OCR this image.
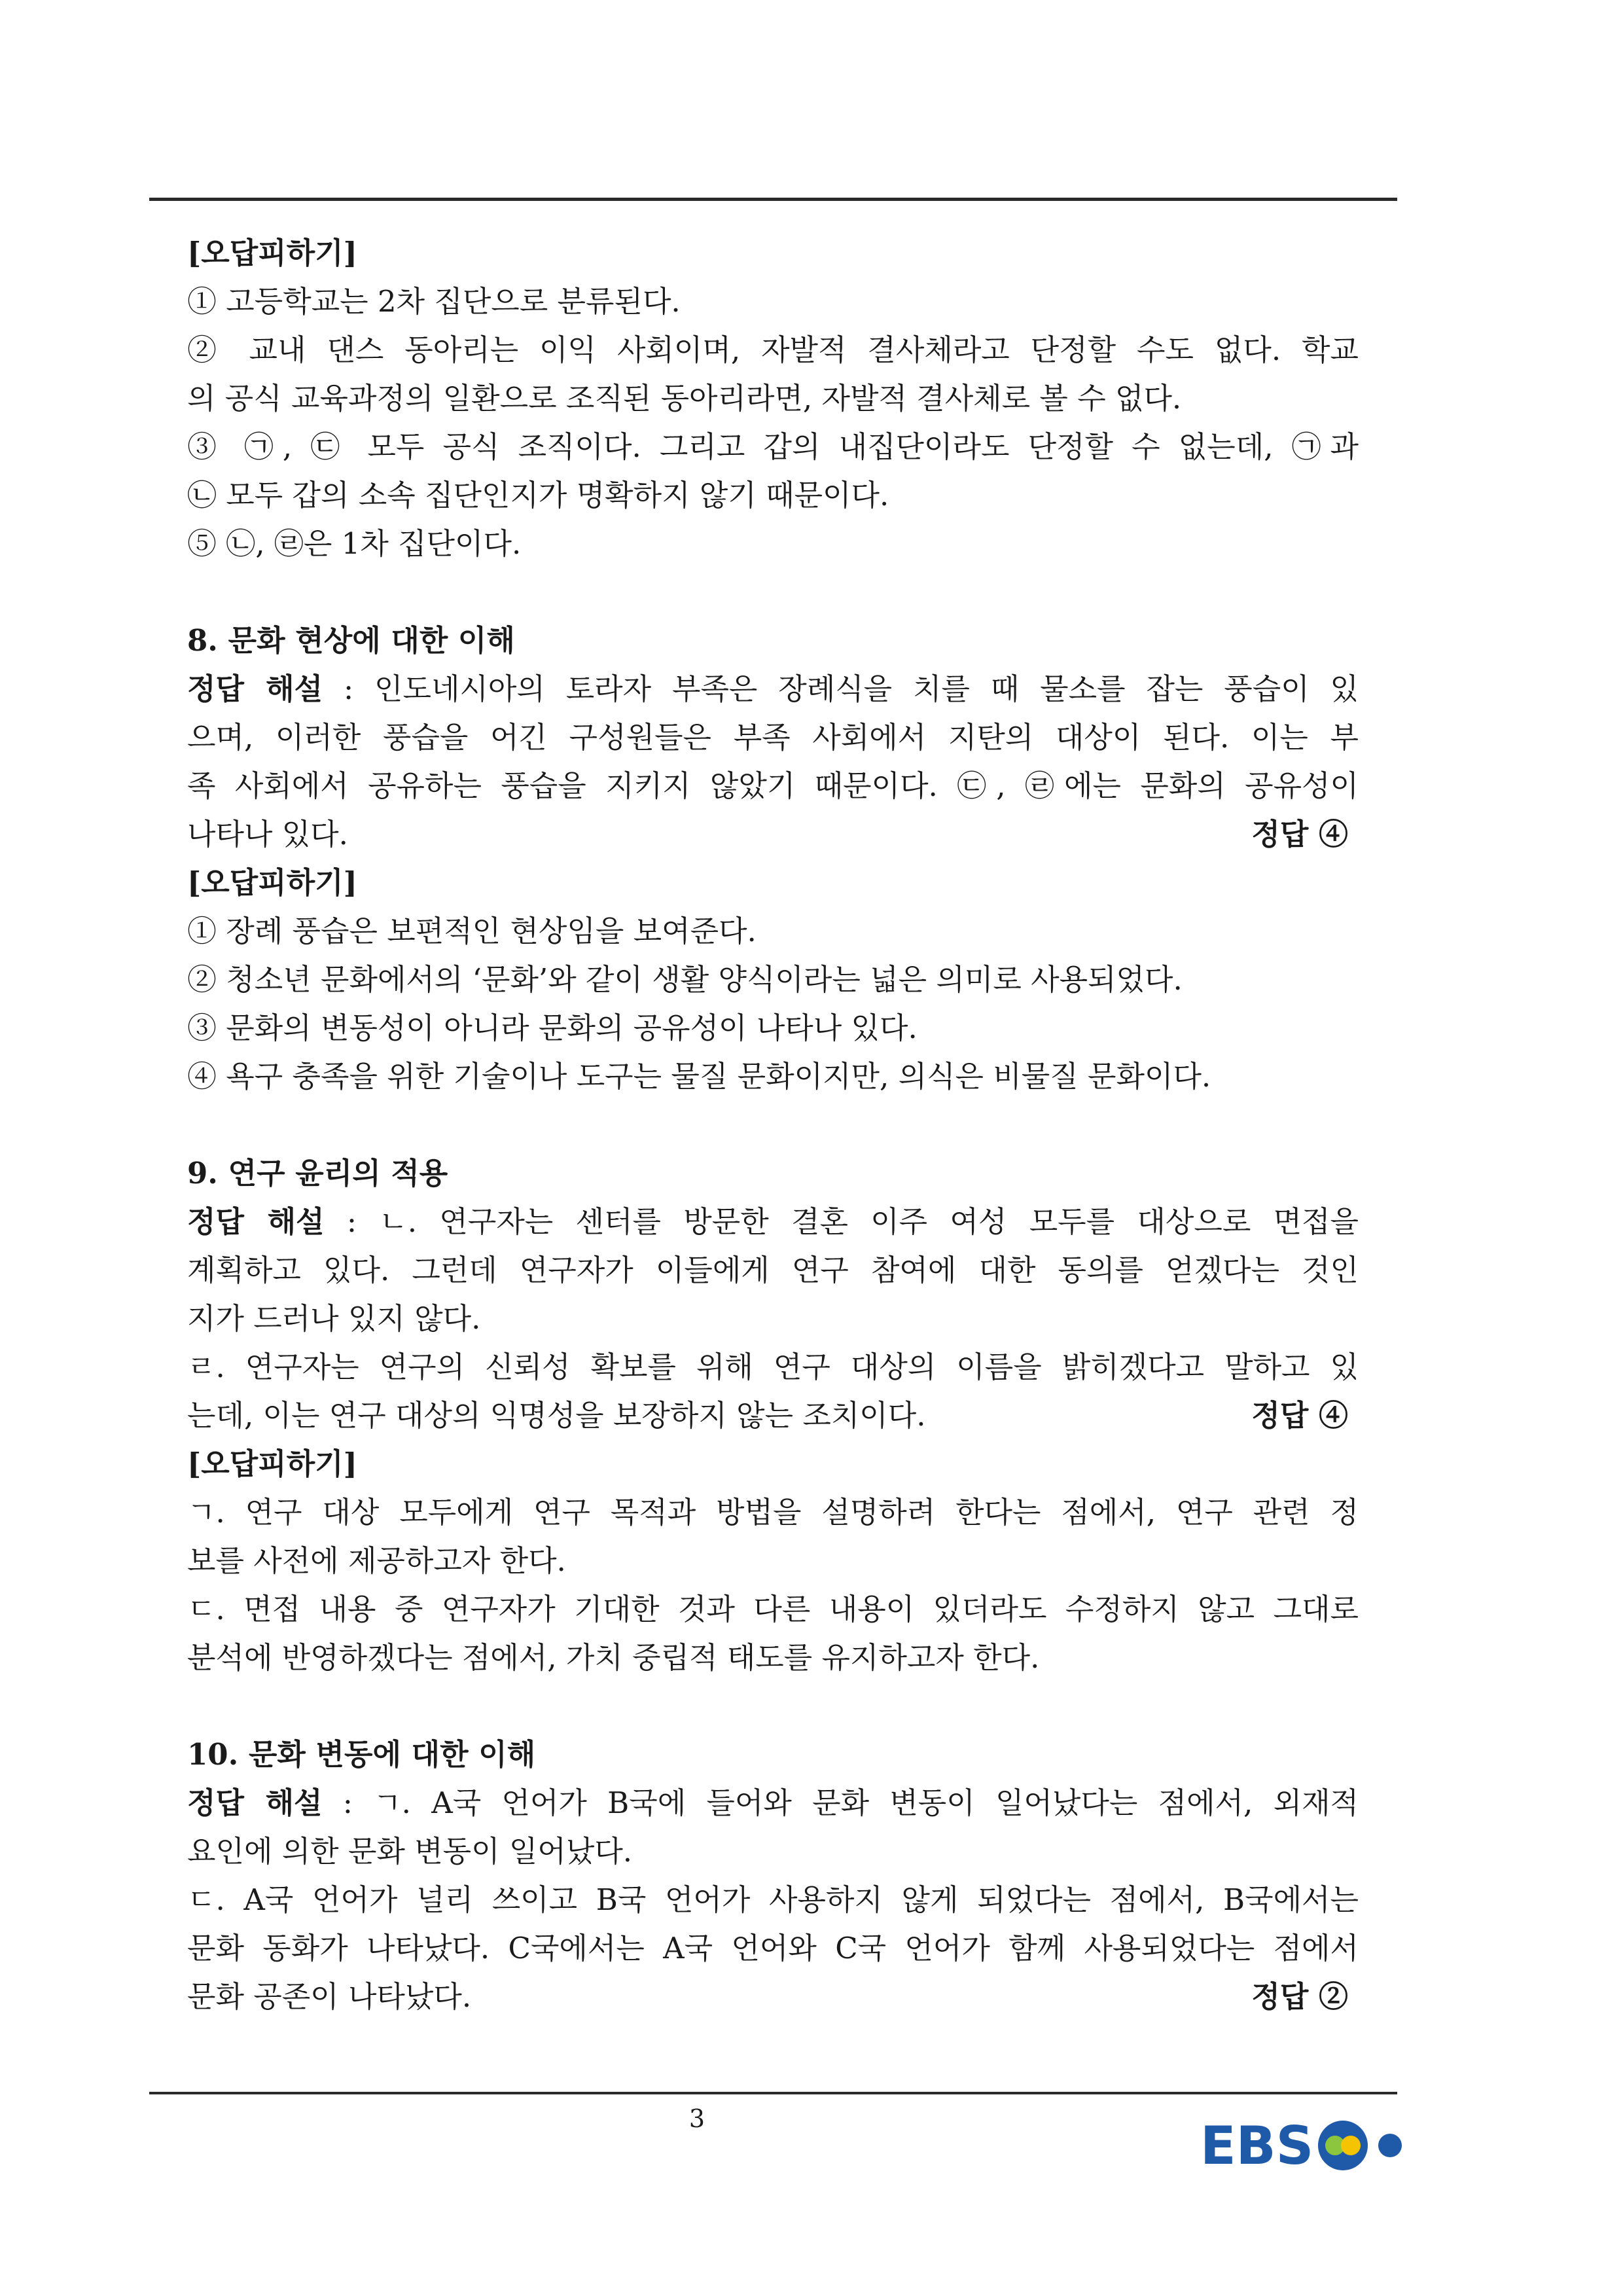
[오답피하기]
① 고등학교는 2차 집단으로 분류된다.
② 교내 댄스 동아리는 이익 사회이며, 자발적 결사체라고 단정할 수도 없다. 학교
의 공식 교육과정의 일환으로 조직된 동아리라면, 자발적 결사체로 볼 수 없다.
③ ㉠, ㉢ 모두 공식 조직이다. 그리고 갑의 내집단이라도 단정할 수 없는데, ㉠과
㉡ 모두 갑의 소속 집단인지가 명확하지 않기 때문이다.
⑤ ㉡, ㉣은 1차 집단이다.
8. 문화 현상에 대한 이해
정답 해설 : 인도네시아의 토라자 부족은 장례식을 치를 때 물소를 잡는 풍습이 있
으며, 이러한 풍습을 어긴 구성원들은 부족 사회에서 지탄의 대상이 된다. 이는 부
족 사회에서 공유하는 풍습을 지키지 않았기 때문이다. ㉢, ㉣에는 문화의 공유성이
나타나 있다.	정답 ④
[오답피하기]
① 장례 풍습은 보편적인 현상임을 보여준다.
② 청소년 문화에서의 ‘문화’와 같이 생활 양식이라는 넓은 의미로 사용되었다.
③ 문화의 변동성이 아니라 문화의 공유성이 나타나 있다.
④ 욕구 충족을 위한 기술이나 도구는 물질 문화이지만, 의식은 비물질 문화이다.
9. 연구 윤리의 적용
정답 해설 : ㄴ. 연구자는 센터를 방문한 결혼 이주 여성 모두를 대상으로 면접을
계획하고 있다. 그런데 연구자가 이들에게 연구 참여에 대한 동의를 얻겠다는 것인
지가 드러나 있지 않다.
ㄹ. 연구자는 연구의 신뢰성 확보를 위해 연구 대상의 이름을 밝히겠다고 말하고 있
는데, 이는 연구 대상의 익명성을 보장하지 않는 조치이다.	정답 ④
[오답피하기]
ㄱ. 연구 대상 모두에게 연구 목적과 방법을 설명하려 한다는 점에서, 연구 관련 정
보를 사전에 제공하고자 한다.
ㄷ. 면접 내용 중 연구자가 기대한 것과 다른 내용이 있더라도 수정하지 않고 그대로
분석에 반영하겠다는 점에서, 가치 중립적 태도를 유지하고자 한다.
10. 문화 변동에 대한 이해
정답 해설 : ㄱ. A국 언어가 B국에 들어와 문화 변동이 일어났다는 점에서, 외재적
요인에 의한 문화 변동이 일어났다.
ㄷ. A국 언어가 널리 쓰이고 B국 언어가 사용하지 않게 되었다는 점에서, B국에서는
문화 동화가 나타났다. C국에서는 A국 언어와 C국 언어가 함께 사용되었다는 점에서
문화 공존이 나타났다.	정답 ②
3	EBS
